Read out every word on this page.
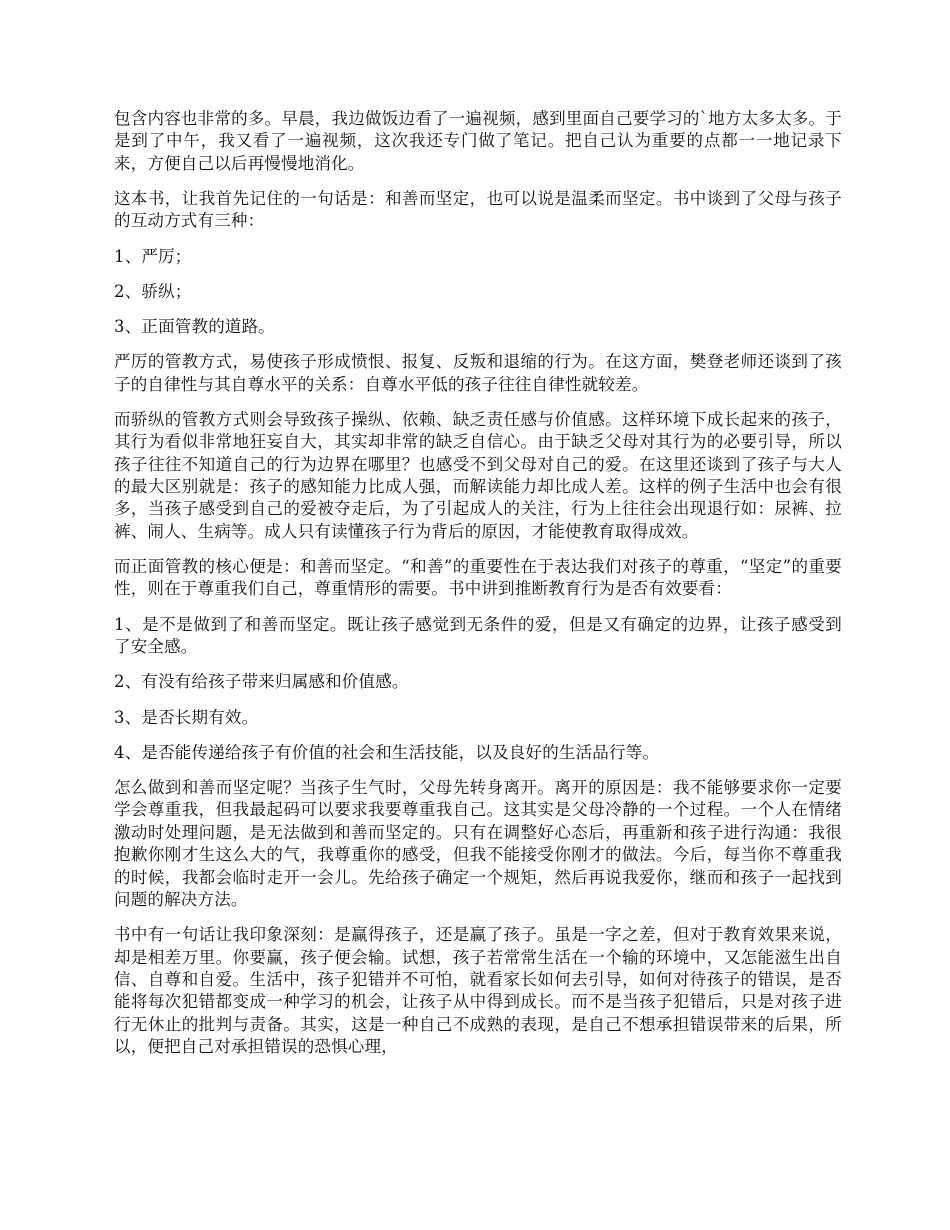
包含内容也非常的多。早晨，我边做饭边看了一遍视频，感到里面自己要学习的`地方太多太多。于是到了中午，我又看了一遍视频，这次我还专门做了笔记。把自己认为重要的点都一一地记录下来，方便自己以后再慢慢地消化。

这本书，让我首先记住的一句话是：和善而坚定，也可以说是温柔而坚定。书中谈到了父母与孩子的互动方式有三种：

1、严厉；

2、骄纵；

3、正面管教的道路。

严厉的管教方式，易使孩子形成愤恨、报复、反叛和退缩的行为。在这方面，樊登老师还谈到了孩子的自律性与其自尊水平的关系：自尊水平低的孩子往往自律性就较差。

而骄纵的管教方式则会导致孩子操纵、依赖、缺乏责任感与价值感。这样环境下成长起来的孩子，其行为看似非常地狂妄自大，其实却非常的缺乏自信心。由于缺乏父母对其行为的必要引导，所以孩子往往不知道自己的行为边界在哪里？也感受不到父母对自己的爱。在这里还谈到了孩子与大人的最大区别就是：孩子的感知能力比成人强，而解读能力却比成人差。这样的例子生活中也会有很多，当孩子感受到自己的爱被夺走后，为了引起成人的关注，行为上往往会出现退行如：尿裤、拉裤、闹人、生病等。成人只有读懂孩子行为背后的原因，才能使教育取得成效。

而正面管教的核心便是：和善而坚定。“和善”的重要性在于表达我们对孩子的尊重，“坚定”的重要性，则在于尊重我们自己，尊重情形的需要。书中讲到推断教育行为是否有效要看：

1、是不是做到了和善而坚定。既让孩子感觉到无条件的爱，但是又有确定的边界，让孩子感受到了安全感。

2、有没有给孩子带来归属感和价值感。

3、是否长期有效。

4、是否能传递给孩子有价值的社会和生活技能，以及良好的生活品行等。

怎么做到和善而坚定呢？当孩子生气时，父母先转身离开。离开的原因是：我不能够要求你一定要学会尊重我，但我最起码可以要求我要尊重我自己。这其实是父母冷静的一个过程。一个人在情绪激动时处理问题，是无法做到和善而坚定的。只有在调整好心态后，再重新和孩子进行沟通：我很抱歉你刚才生这么大的气，我尊重你的感受，但我不能接受你刚才的做法。今后，每当你不尊重我的时候，我都会临时走开一会儿。先给孩子确定一个规矩，然后再说我爱你，继而和孩子一起找到问题的解决方法。

书中有一句话让我印象深刻：是赢得孩子，还是赢了孩子。虽是一字之差，但对于教育效果来说，却是相差万里。你要赢，孩子便会输。试想，孩子若常常生活在一个输的环境中，又怎能滋生出自信、自尊和自爱。生活中，孩子犯错并不可怕，就看家长如何去引导，如何对待孩子的错误，是否能将每次犯错都变成一种学习的机会，让孩子从中得到成长。而不是当孩子犯错后，只是对孩子进行无休止的批判与责备。其实，这是一种自己不成熟的表现，是自己不想承担错误带来的后果，所以，便把自己对承担错误的恐惧心理，
